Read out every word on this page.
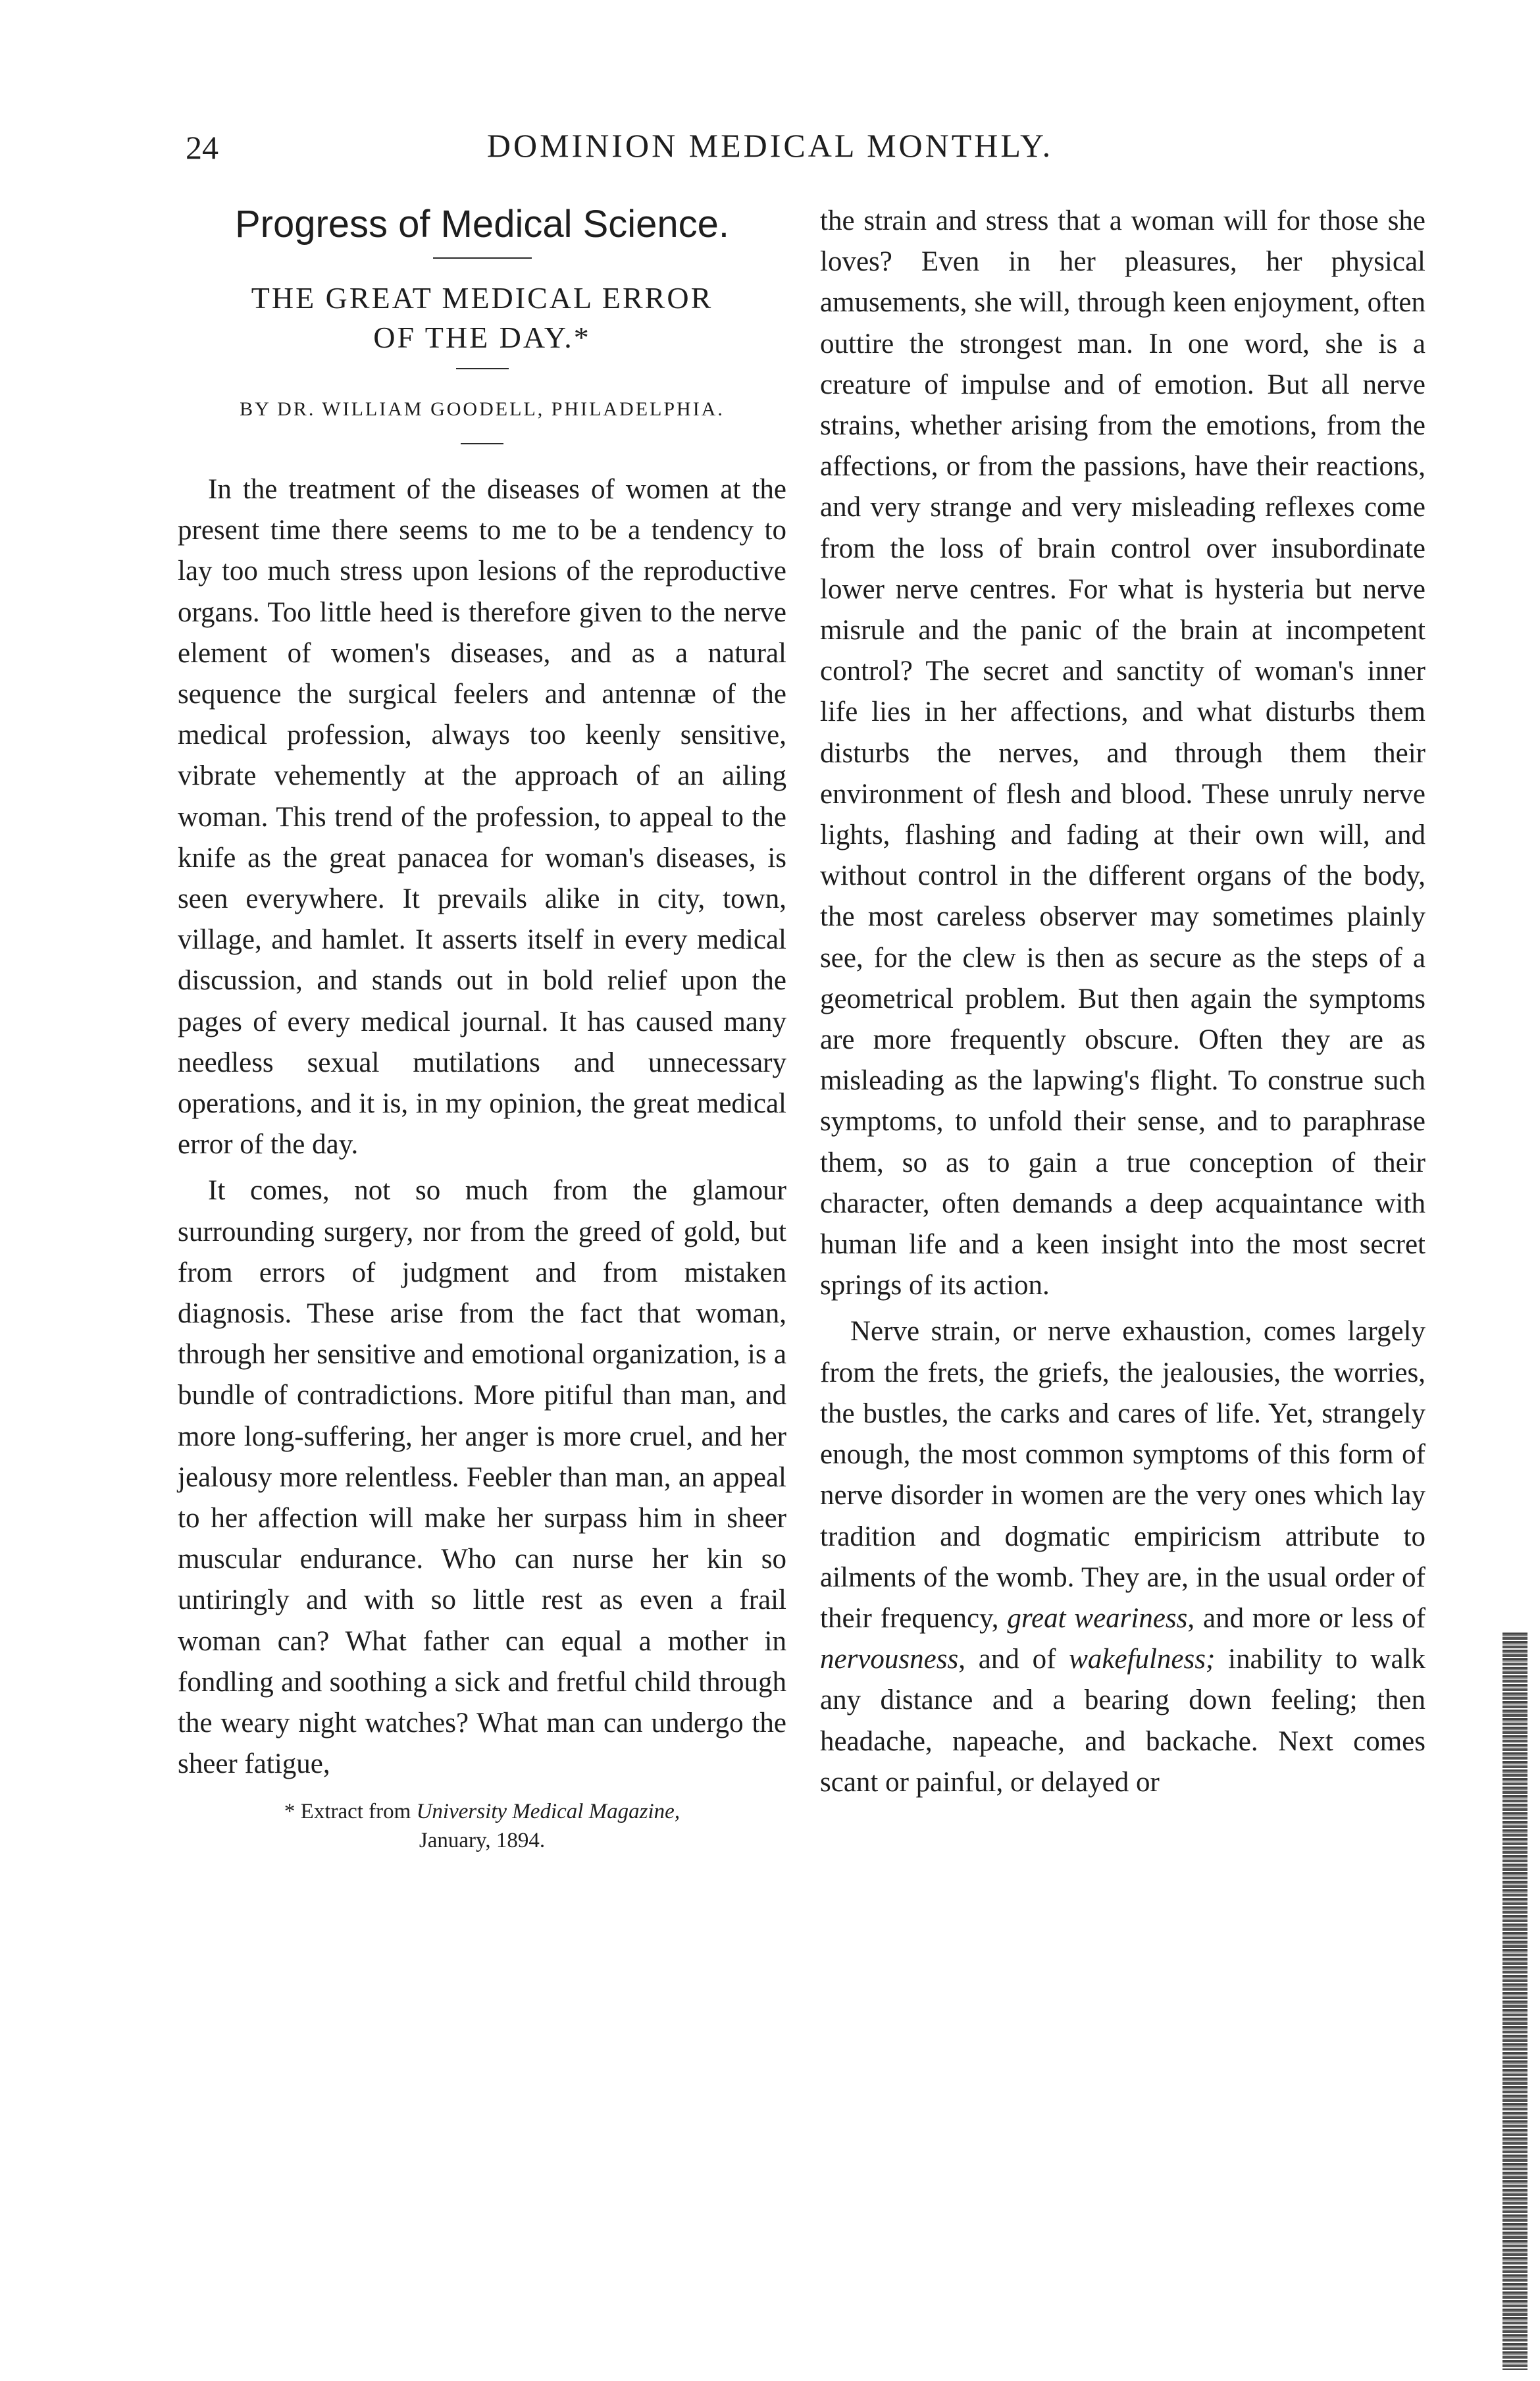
24	DOMINION MEDICAL MONTHLY.
Progress of Medical Science.
THE GREAT MEDICAL ERROR
OF THE DAY.*
BY DR. WILLIAM GOODELL, PHILADELPHIA.

In the treatment of the diseases of women at the present time there seems to me to be a tendency to lay too much stress upon lesions of the reproductive organs. Too little heed is therefore given to the nerve element of women's diseases, and as a natural sequence the surgical feelers and antennæ of the medical profession, always too keenly sensitive, vibrate vehemently at the approach of an ailing woman. This trend of the profession, to appeal to the knife as the great panacea for woman's diseases, is seen everywhere. It prevails alike in city, town, village, and hamlet. It asserts itself in every medical discussion, and stands out in bold relief upon the pages of every medical journal. It has caused many needless sexual mutilations and unnecessary operations, and it is, in my opinion, the great medical error of the day.

It comes, not so much from the glamour surrounding surgery, nor from the greed of gold, but from errors of judgment and from mistaken diagnosis. These arise from the fact that woman, through her sensitive and emotional organization, is a bundle of contradictions. More pitiful than man, and more long-suffering, her anger is more cruel, and her jealousy more relentless. Feebler than man, an appeal to her affection will make her surpass him in sheer muscular endurance. Who can nurse her kin so untiringly and with so little rest as even a frail woman can? What father can equal a mother in fondling and soothing a sick and fretful child through the weary night watches? What man can undergo the sheer fatigue,

* Extract from University Medical Magazine,
January, 1894.

the strain and stress that a woman will for those she loves? Even in her pleasures, her physical amusements, she will, through keen enjoyment, often outtire the strongest man. In one word, she is a creature of impulse and of emotion. But all nerve strains, whether arising from the emotions, from the affections, or from the passions, have their reactions, and very strange and very misleading reflexes come from the loss of brain control over insubordinate lower nerve centres. For what is hysteria but nerve misrule and the panic of the brain at incompetent control? The secret and sanctity of woman's inner life lies in her affections, and what disturbs them disturbs the nerves, and through them their environment of flesh and blood. These unruly nerve lights, flashing and fading at their own will, and without control in the different organs of the body, the most careless observer may sometimes plainly see, for the clew is then as secure as the steps of a geometrical problem. But then again the symptoms are more frequently obscure. Often they are as misleading as the lapwing's flight. To construe such symptoms, to unfold their sense, and to paraphrase them, so as to gain a true conception of their character, often demands a deep acquaintance with human life and a keen insight into the most secret springs of its action.

Nerve strain, or nerve exhaustion, comes largely from the frets, the griefs, the jealousies, the worries, the bustles, the carks and cares of life. Yet, strangely enough, the most common symptoms of this form of nerve disorder in women are the very ones which lay tradition and dogmatic empiricism attribute to ailments of the womb. They are, in the usual order of their frequency, great weariness, and more or less of nervousness, and of wakefulness; inability to walk any distance and a bearing down feeling; then headache, napeache, and backache. Next comes scant or painful, or delayed or
